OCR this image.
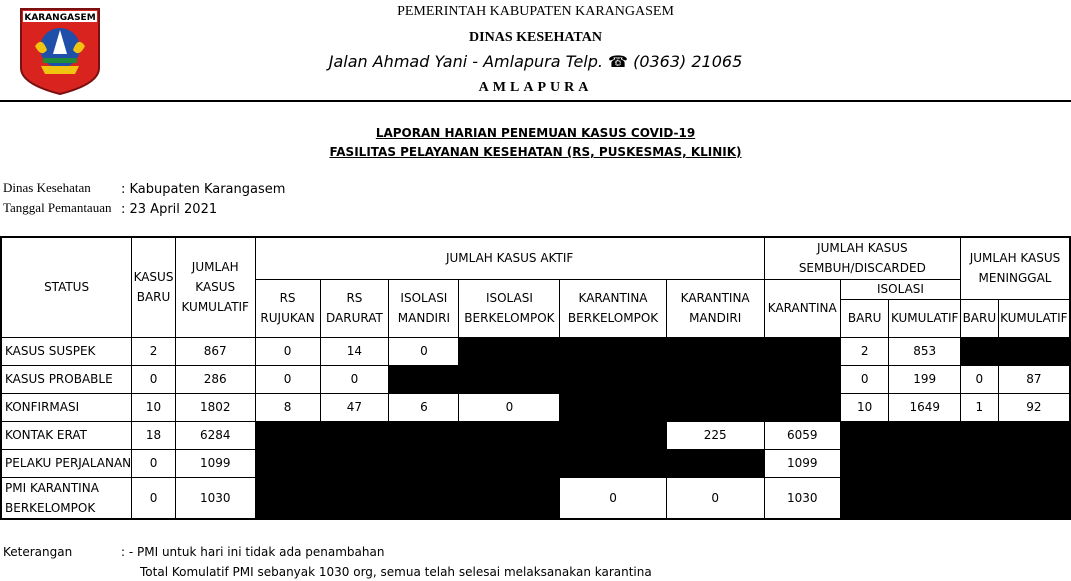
KARANGASEM	PEMERINTAH KABUPATEN KARANGASEM
DINAS KESEHATAN
Jalan Ahmad Yani - Amlapura Telp. ☎ (0363) 21065
AMLAPURA
LAPORAN HARIAN PENEMUAN KASUS COVID-19
FASILITAS PELAYANAN KESEHATAN (RS, PUSKESMAS, KLINIK)
Dinas Kesehatan	: Kabupaten Karangasem
Tanggal Pemantauan : 23 April 2021
STATUS	KASUS BARU	JUMLAH KASUS KUMULATIF	JUMLAH KASUS AKTIF						JUMLAH KASUS SEMBUH/DISCARDED			JUMLAH KASUS MENINGGAL	
			RS RUJUKAN	RS DARURAT	ISOLASI MANDIRI	ISOLASI BERKELOMPOK	KARANTINA BERKELOMPOK	KARANTINA MANDIRI	KARANTINA	ISOLASI			
										BARU	KUMULATIF	BARU	KUMULATIF
KASUS SUSPEK	2	867	0	14	0					2	853		
KASUS PROBABLE	0	286	0	0						0	199	0	87
KONFIRMASI	10	1802	8	47	6	0				10	1649	1	92
KONTAK ERAT	18	6284						225	6059				
PELAKU PERJALANAN	0	1099							1099				
PMI KARANTINA BERKELOMPOK	0	1030					0	0	1030				
Keterangan	: - PMI untuk hari ini tidak ada penambahan
Total Komulatif PMI sebanyak 1030 org, semua telah selesai melaksanakan karantina
